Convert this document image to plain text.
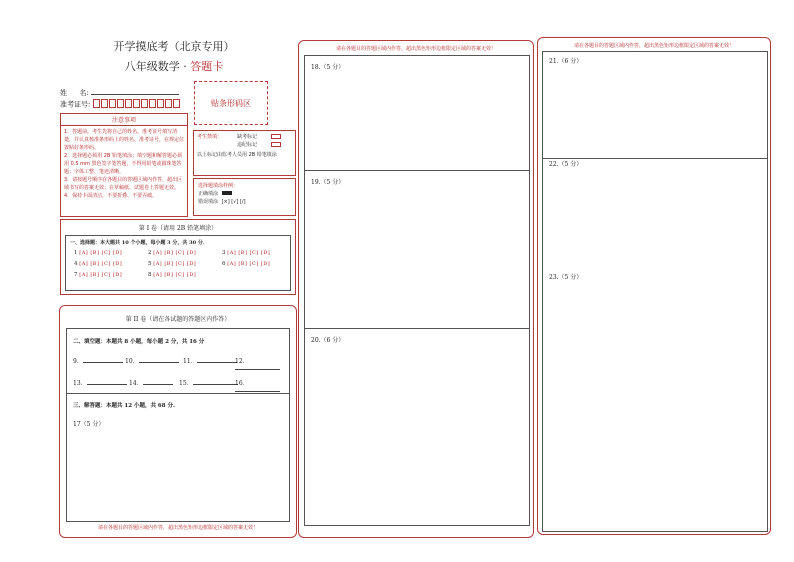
开学摸底考（北京专用）
八年级数学 · 答题卡
姓 名:
准考证号:	贴条形码区
注意事项
1．答题前，考生先将自己的姓名，准考证号填写清楚，并认真核准条形码上的姓名、准考证号，在规定位置贴好条形码。
2．选择题必须用 2B 铅笔填涂；填空题和解答题必须用 0.5 mm 黑色签字笔答题，不得用铅笔或圆珠笔答题；字体工整、笔迹清晰。
3．请按题号顺序在各题目的答题区域内作答，超出区域书写的答案无效；在草稿纸、试题卷上答题无效。
4．保持卡面清洁，不要折叠、不要弄破。
考生禁填：	缺考标记
违纪标记
以上标记由监考人员用 2B 铅笔填涂
选择题填涂样例：
正确填涂
错误填涂 [×] [√] [/]
第 I 卷（请用 2B 铅笔填涂）
一、选择题：本大题共 10 个小题，每小题 3 分，共 30 分．
1 [A] [B] [C] [D]	2 [A] [B] [C] [D]	3 [A] [B] [C] [D]
4 [A] [B] [C] [D]	5 [A] [B] [C] [D]	6 [A] [B] [C] [D]
7 [A] [B] [C] [D]	8 [A] [B] [C] [D]
第 II 卷（请在各试题的答题区内作答）
二、填空题：本题共 8 小题，每小题 2 分，共 16 分
9．	10．	11．	12．
13．	14．	15．	16．
三、解答题：本题共 12 小题，共 68 分.
17（5 分）
请在各题目的答题区域内作答，超出黑色矩形边框限定区域的答案无效！
请在各题目的答题区域内作答，超出黑色矩形边框限定区域的答案无效！
18.（5 分）
19.（5 分）
20.（6 分）
请在各题目的答题区域内作答，超出黑色矩形边框限定区域的答案无效！
21.（6 分）
22.（5 分）
23.（5 分）
